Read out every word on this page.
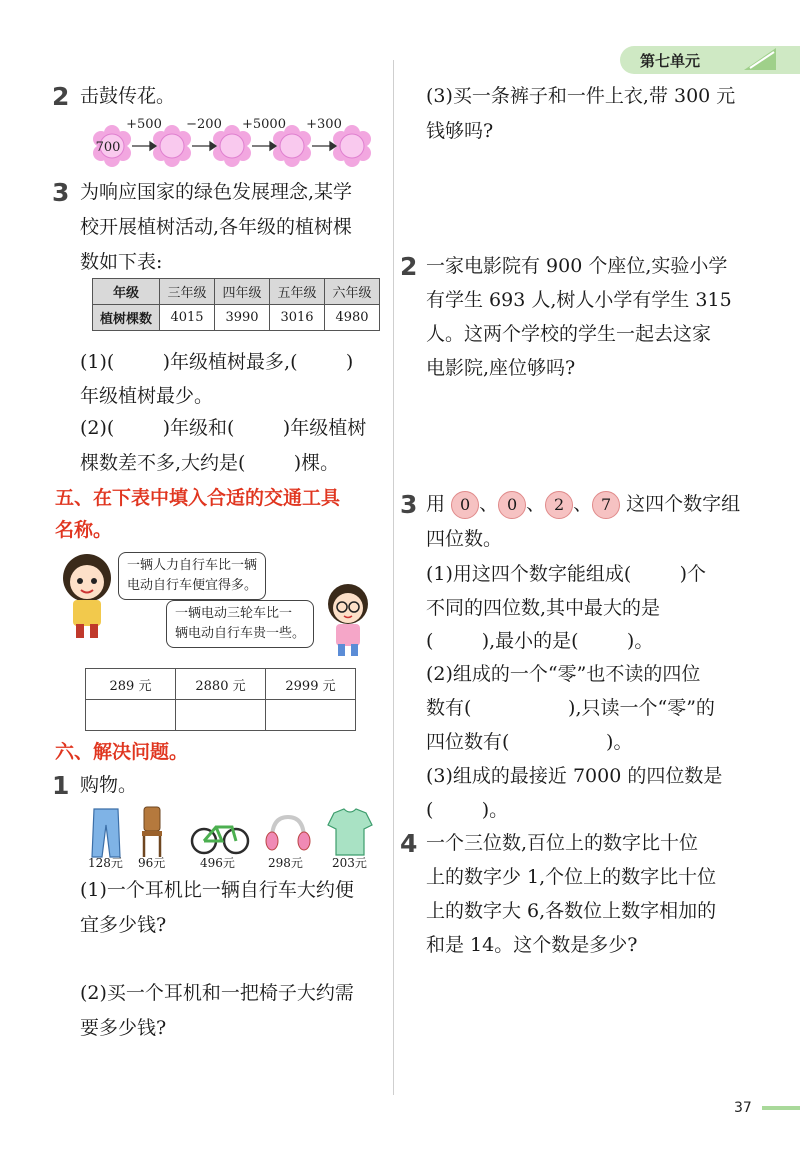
第七单元
2 击鼓传花。
700
+500 −200 +5000 +300
3 为响应国家的绿色发展理念,某学
校开展植树活动,各年级的植树棵
数如下表:
年级	三年级	四年级	五年级	六年级
植树棵数	4015	3990	3016	4980
(1)(        )年级植树最多,(        )
年级植树最少。
(2)(        )年级和(        )年级植树
棵数差不多,大约是(        )棵。
五、在下表中填入合适的交通工具
名称。
一辆人力自行车比一辆
电动自行车便宜得多。
一辆电动三轮车比一
辆电动自行车贵一些。
289 元	2880 元	2999 元

六、解决问题。
1 购物。
128元 96元	496元	298元 203元
(1)一个耳机比一辆自行车大约便
宜多少钱?
(2)买一个耳机和一把椅子大约需
要多少钱?
(3)买一条裤子和一件上衣,带 300 元
钱够吗?
2 一家电影院有 900 个座位,实验小学
有学生 693 人,树人小学有学生 315
人。这两个学校的学生一起去这家
电影院,座位够吗?
3 用 0 、 0 、 2 、 7 这四个数字组
四位数。
(1)用这四个数字能组成(        )个
不同的四位数,其中最大的是
(        ),最小的是(        )。
(2)组成的一个“零”也不读的四位
数有(                ),只读一个“零”的
四位数有(                )。
(3)组成的最接近 7000 的四位数是
(        )。
4 一个三位数,百位上的数字比十位
上的数字少 1,个位上的数字比十位
上的数字大 6,各数位上数字相加的
和是 14。这个数是多少?
37
